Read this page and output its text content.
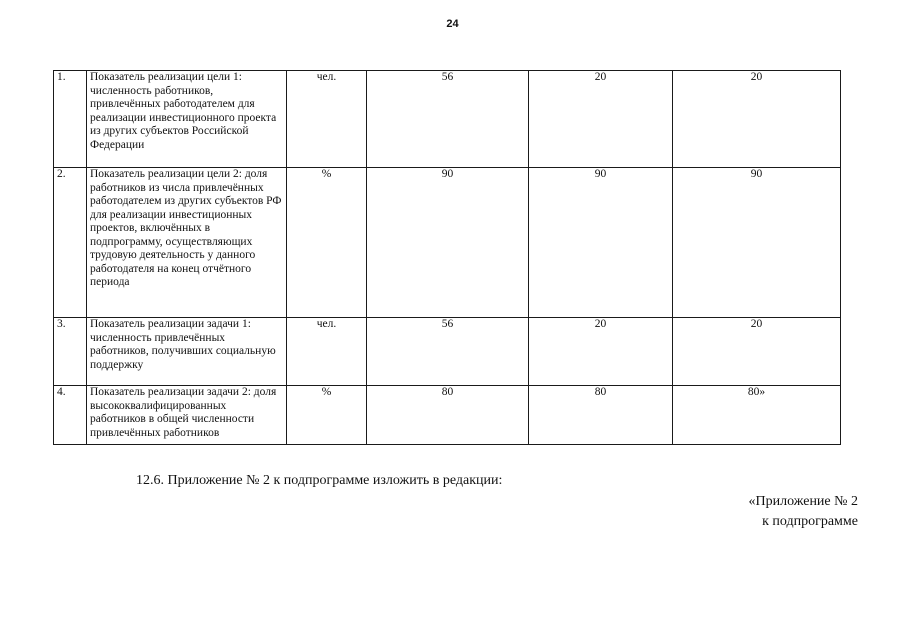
24
1.	Показатель реализации цели 1: численность работников, привлечённых работодателем для реализации инвестиционного проекта из других субъектов Российской Федерации	чел.	56	20	20
2.	Показатель реализации цели 2: доля работников из числа привлечённых работодателем из других субъектов РФ для реализации инвестиционных проектов, включённых в подпрограмму, осуществляющих трудовую деятельность у данного работодателя на конец отчётного периода	%	90	90	90
3.	Показатель реализации задачи 1: численность привлечённых работников, получивших социальную поддержку	чел.	56	20	20
4.	Показатель реализации задачи 2: доля высококвалифицированных работников в общей численности привлечённых работников	%	80	80	80»
12.6. Приложение № 2 к подпрограмме изложить в редакции:
«Приложение № 2
к подпрограмме
